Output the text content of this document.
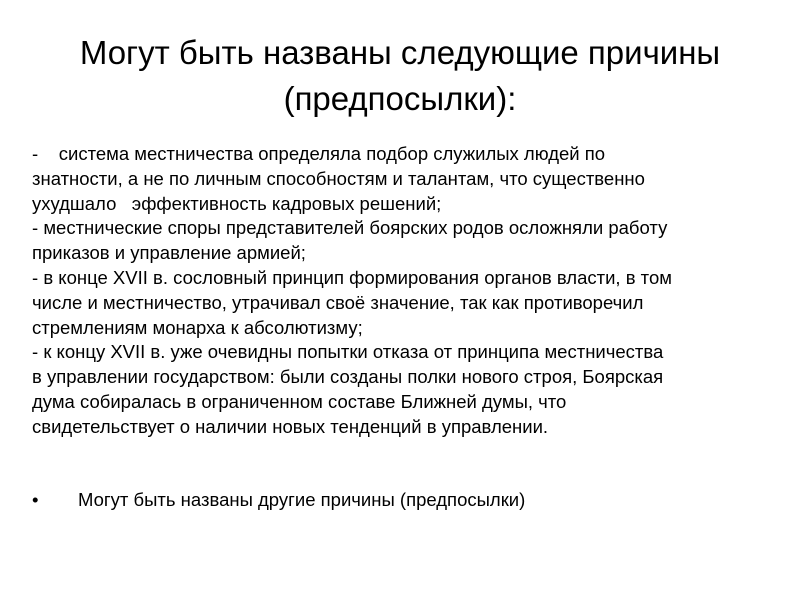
Могут быть названы следующие причины
(предпосылки):
-    система местничества определяла подбор служилых людей по
знатности, а не по личным способностям и талантам, что существенно
ухудшало   эффективность кадровых решений;
- местнические споры представителей боярских родов осложняли работу
приказов и управление армией;
- в конце XVII в. сословный принцип формирования органов власти, в том
числе и местничество, утрачивал своё значение, так как противоречил
стремлениям монарха к абсолютизму;
- к концу XVII в. уже очевидны попытки отказа от принципа местничества
в управлении государством: были созданы полки нового строя, Боярская
дума собиралась в ограниченном составе Ближней думы, что
свидетельствует о наличии новых тенденций в управлении.
• Могут быть названы другие причины (предпосылки)
